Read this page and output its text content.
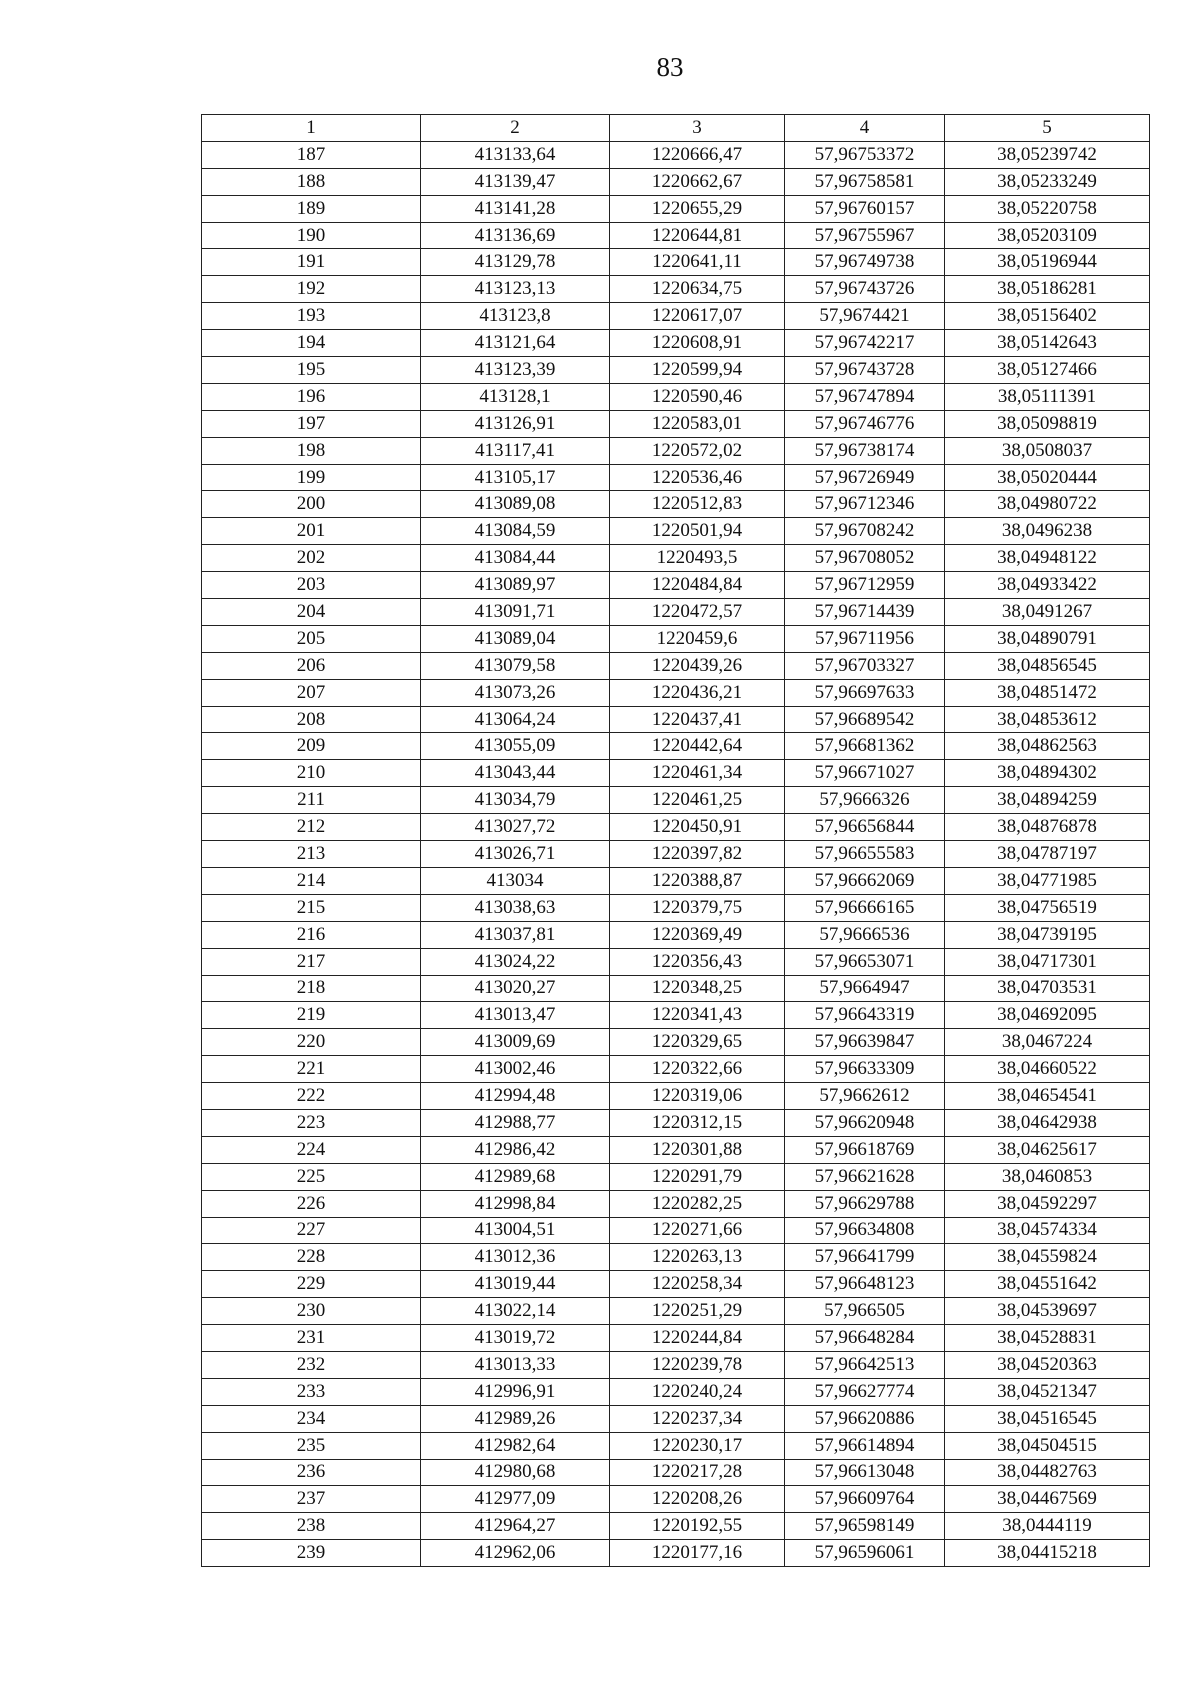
83
1	2	3	4	5
187	413133,64	1220666,47	57,96753372	38,05239742
188	413139,47	1220662,67	57,96758581	38,05233249
189	413141,28	1220655,29	57,96760157	38,05220758
190	413136,69	1220644,81	57,96755967	38,05203109
191	413129,78	1220641,11	57,96749738	38,05196944
192	413123,13	1220634,75	57,96743726	38,05186281
193	413123,8	1220617,07	57,9674421	38,05156402
194	413121,64	1220608,91	57,96742217	38,05142643
195	413123,39	1220599,94	57,96743728	38,05127466
196	413128,1	1220590,46	57,96747894	38,05111391
197	413126,91	1220583,01	57,96746776	38,05098819
198	413117,41	1220572,02	57,96738174	38,0508037
199	413105,17	1220536,46	57,96726949	38,05020444
200	413089,08	1220512,83	57,96712346	38,04980722
201	413084,59	1220501,94	57,96708242	38,0496238
202	413084,44	1220493,5	57,96708052	38,04948122
203	413089,97	1220484,84	57,96712959	38,04933422
204	413091,71	1220472,57	57,96714439	38,0491267
205	413089,04	1220459,6	57,96711956	38,04890791
206	413079,58	1220439,26	57,96703327	38,04856545
207	413073,26	1220436,21	57,96697633	38,04851472
208	413064,24	1220437,41	57,96689542	38,04853612
209	413055,09	1220442,64	57,96681362	38,04862563
210	413043,44	1220461,34	57,96671027	38,04894302
211	413034,79	1220461,25	57,9666326	38,04894259
212	413027,72	1220450,91	57,96656844	38,04876878
213	413026,71	1220397,82	57,96655583	38,04787197
214	413034	1220388,87	57,96662069	38,04771985
215	413038,63	1220379,75	57,96666165	38,04756519
216	413037,81	1220369,49	57,9666536	38,04739195
217	413024,22	1220356,43	57,96653071	38,04717301
218	413020,27	1220348,25	57,9664947	38,04703531
219	413013,47	1220341,43	57,96643319	38,04692095
220	413009,69	1220329,65	57,96639847	38,0467224
221	413002,46	1220322,66	57,96633309	38,04660522
222	412994,48	1220319,06	57,9662612	38,04654541
223	412988,77	1220312,15	57,96620948	38,04642938
224	412986,42	1220301,88	57,96618769	38,04625617
225	412989,68	1220291,79	57,96621628	38,0460853
226	412998,84	1220282,25	57,96629788	38,04592297
227	413004,51	1220271,66	57,96634808	38,04574334
228	413012,36	1220263,13	57,96641799	38,04559824
229	413019,44	1220258,34	57,96648123	38,04551642
230	413022,14	1220251,29	57,966505	38,04539697
231	413019,72	1220244,84	57,96648284	38,04528831
232	413013,33	1220239,78	57,96642513	38,04520363
233	412996,91	1220240,24	57,96627774	38,04521347
234	412989,26	1220237,34	57,96620886	38,04516545
235	412982,64	1220230,17	57,96614894	38,04504515
236	412980,68	1220217,28	57,96613048	38,04482763
237	412977,09	1220208,26	57,96609764	38,04467569
238	412964,27	1220192,55	57,96598149	38,0444119
239	412962,06	1220177,16	57,96596061	38,04415218
